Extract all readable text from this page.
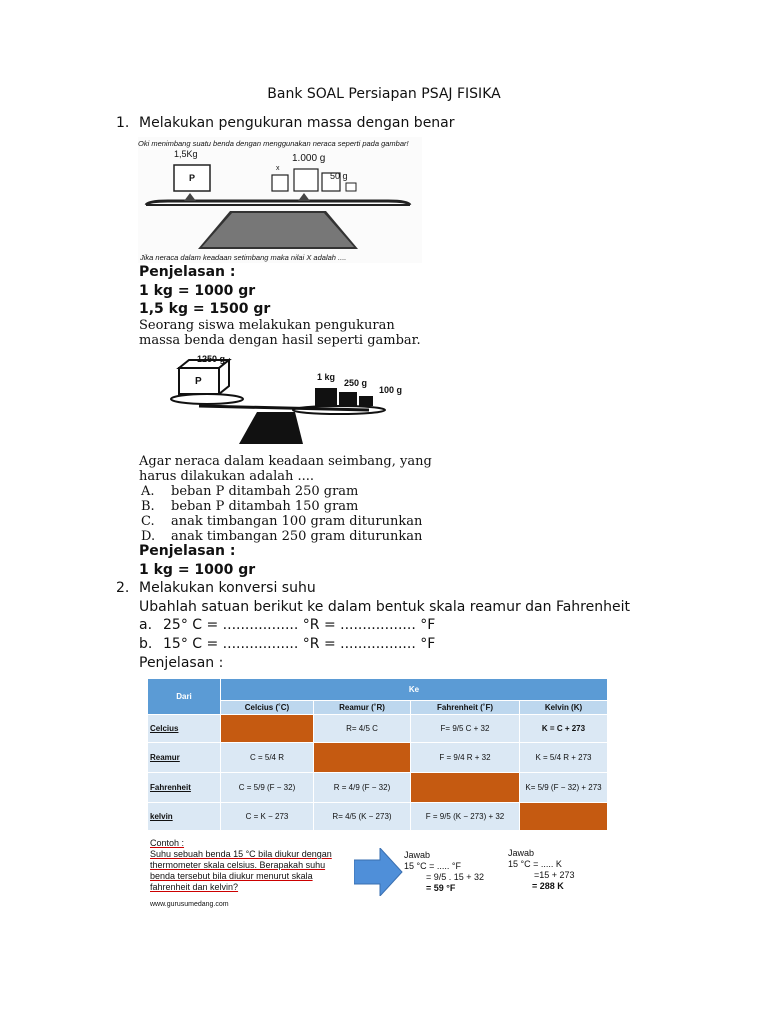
Bank SOAL Persiapan PSAJ FISIKA
1. Melakukan pengukuran massa dengan benar
Oki menimbang suatu benda dengan menggunakan neraca seperti pada gambar!
1,5Kg
P
x
1.000 g
50 g
Jika neraca dalam keadaan setimbang maka nilai X adalah ....
Penjelasan :
1 kg = 1000 gr
1,5 kg = 1500 gr
Seorang siswa melakukan pengukuran
massa benda dengan hasil seperti gambar.
1250 g
P	1 kg
250 g
100 g
Agar neraca dalam keadaan seimbang, yang
harus dilakukan adalah ....
A. beban P ditambah 250 gram
B. beban P ditambah 150 gram
C. anak timbangan 100 gram diturunkan
D. anak timbangan 250 gram diturunkan
Penjelasan :
1 kg = 1000 gr
2. Melakukan konversi suhu
Ubahlah satuan berikut ke dalam bentuk skala reamur dan Fahrenheit
a. 25° C = ................. °R = ................. °F
b. 15° C = ................. °R = ................. °F
Penjelasan :
Dari	Ke			
	Celcius (˚C)	Reamur (˚R)	Fahrenheit (˚F)	Kelvin (K)
Celcius		R= 4/5 C	F= 9/5 C + 32	K = C + 273
Reamur	C = 5/4 R		F = 9/4 R + 32	K = 5/4 R + 273
Fahrenheit	C = 5/9 (F − 32)	R = 4/9 (F − 32)		K= 5/9 (F − 32) + 273
kelvin	C = K − 273	R= 4/5 (K − 273)	F = 9/5 (K − 273) + 32	
Contoh :
Suhu sebuah benda 15 °C bila diukur dengan
thermometer skala celsius. Berapakah suhu
benda tersebut bila diukur menurut skala
fahrenheit dan kelvin?
www.gurusumedang.com
Jawab
15 °C = ..... °F
= 9/5 . 15 + 32
= 59 °F
Jawab
15 °C = ..... K
=15 + 273
= 288 K
